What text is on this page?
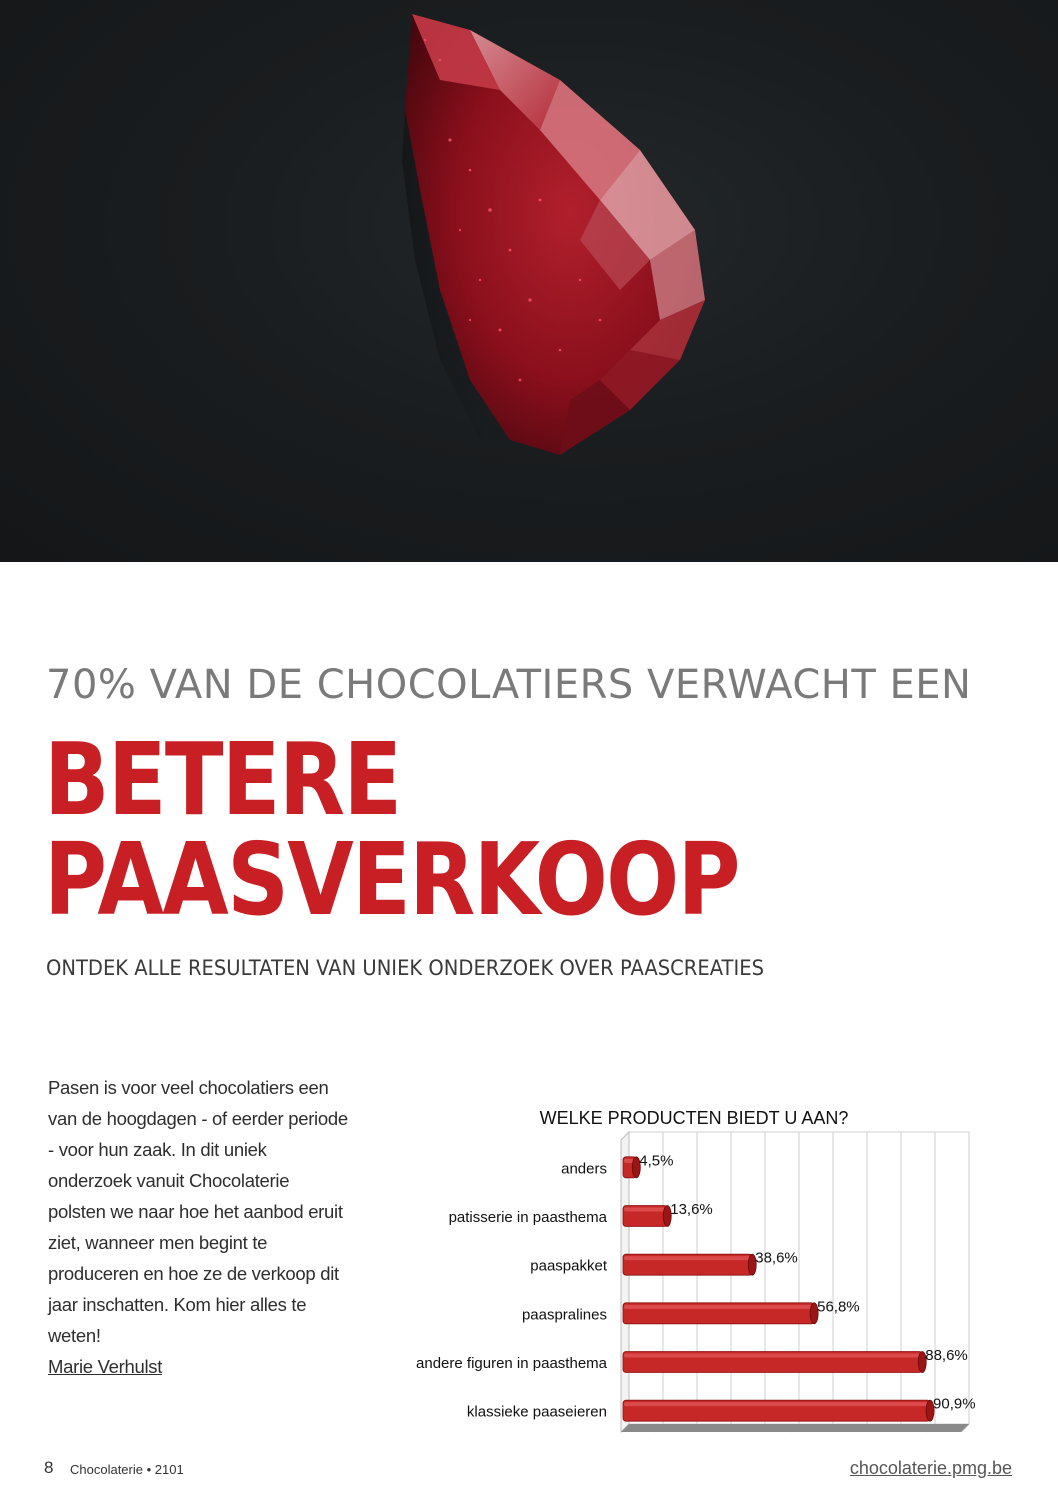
70% VAN DE CHOCOLATIERS VERWACHT EEN
BETERE
PAASVERKOOP
ONTDEK ALLE RESULTATEN VAN UNIEK ONDERZOEK OVER PAASCREATIES
Pasen is voor veel chocolatiers een van de hoogdagen - of eerder periode - voor hun zaak. In dit uniek onderzoek vanuit Chocolaterie polsten we naar hoe het aanbod eruit ziet, wanneer men begint te produceren en hoe ze de verkoop dit jaar inschatten. Kom hier alles te weten!
Marie Verhulst
WELKE PRODUCTEN BIEDT U AAN?
anders 4,5%
patisserie in paasthema	13,6%
paaspakket	38,6%
paaspralines	56,8%
andere figuren in paasthema	88,6%
klassieke paaseieren	90,9%
8 Chocolaterie • 2101	chocolaterie.pmg.be
